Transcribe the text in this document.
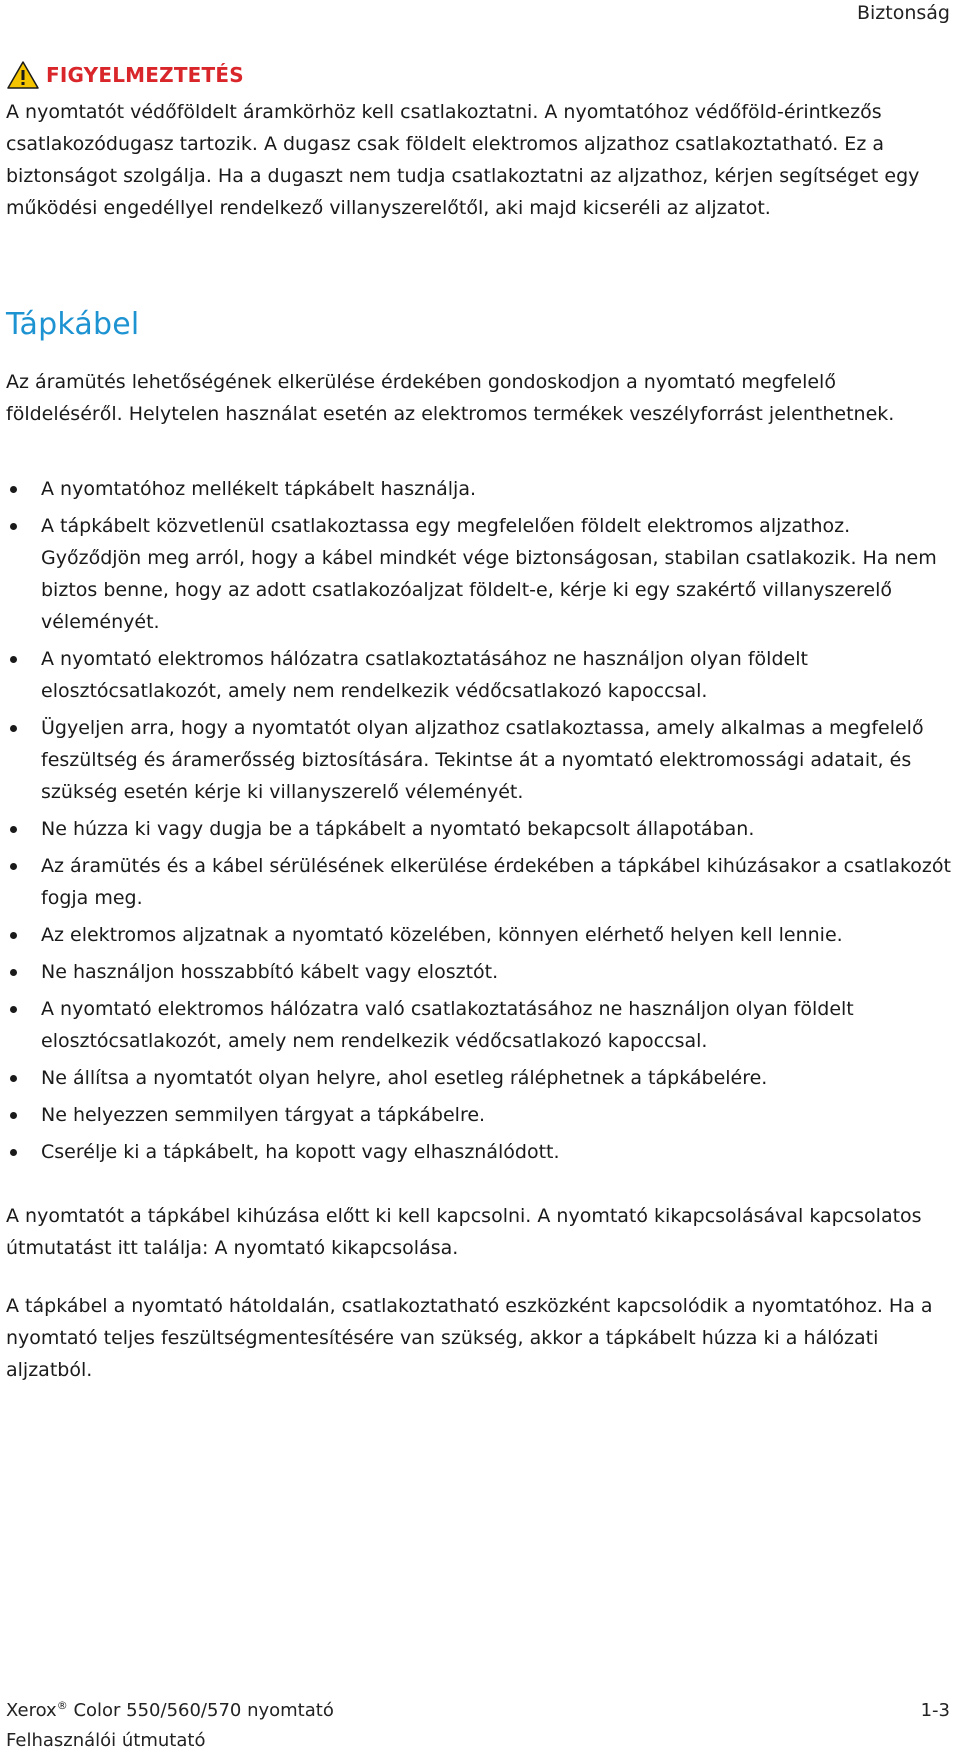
Biztonság
FIGYELMEZTETÉS
A nyomtatót védőföldelt áramkörhöz kell csatlakoztatni. A nyomtatóhoz védőföld-érintkezős csatlakozódugasz tartozik. A dugasz csak földelt elektromos aljzathoz csatlakoztatható. Ez a biztonságot szolgálja. Ha a dugaszt nem tudja csatlakoztatni az aljzathoz, kérjen segítséget egy működési engedéllyel rendelkező villanyszerelőtől, aki majd kicseréli az aljzatot.
Tápkábel
Az áramütés lehetőségének elkerülése érdekében gondoskodjon a nyomtató megfelelő földeléséről. Helytelen használat esetén az elektromos termékek veszélyforrást jelenthetnek.
A nyomtatóhoz mellékelt tápkábelt használja.
A tápkábelt közvetlenül csatlakoztassa egy megfelelően földelt elektromos aljzathoz. Győződjön meg arról, hogy a kábel mindkét vége biztonságosan, stabilan csatlakozik. Ha nem biztos benne, hogy az adott csatlakozóaljzat földelt-e, kérje ki egy szakértő villanyszerelő véleményét.
A nyomtató elektromos hálózatra csatlakoztatásához ne használjon olyan földelt elosztócsatlakozót, amely nem rendelkezik védőcsatlakozó kapoccsal.
Ügyeljen arra, hogy a nyomtatót olyan aljzathoz csatlakoztassa, amely alkalmas a megfelelő feszültség és áramerősség biztosítására. Tekintse át a nyomtató elektromossági adatait, és szükség esetén kérje ki villanyszerelő véleményét.
Ne húzza ki vagy dugja be a tápkábelt a nyomtató bekapcsolt állapotában.
Az áramütés és a kábel sérülésének elkerülése érdekében a tápkábel kihúzásakor a csatlakozót fogja meg.
Az elektromos aljzatnak a nyomtató közelében, könnyen elérhető helyen kell lennie.
Ne használjon hosszabbító kábelt vagy elosztót.
A nyomtató elektromos hálózatra való csatlakoztatásához ne használjon olyan földelt elosztócsatlakozót, amely nem rendelkezik védőcsatlakozó kapoccsal.
Ne állítsa a nyomtatót olyan helyre, ahol esetleg ráléphetnek a tápkábelére.
Ne helyezzen semmilyen tárgyat a tápkábelre.
Cserélje ki a tápkábelt, ha kopott vagy elhasználódott.
A nyomtatót a tápkábel kihúzása előtt ki kell kapcsolni. A nyomtató kikapcsolásával kapcsolatos útmutatást itt találja: A nyomtató kikapcsolása.
A tápkábel a nyomtató hátoldalán, csatlakoztatható eszközként kapcsolódik a nyomtatóhoz. Ha a nyomtató teljes feszültségmentesítésére van szükség, akkor a tápkábelt húzza ki a hálózati aljzatból.
Xerox® Color 550/560/570 nyomtató
Felhasználói útmutató
1-3
